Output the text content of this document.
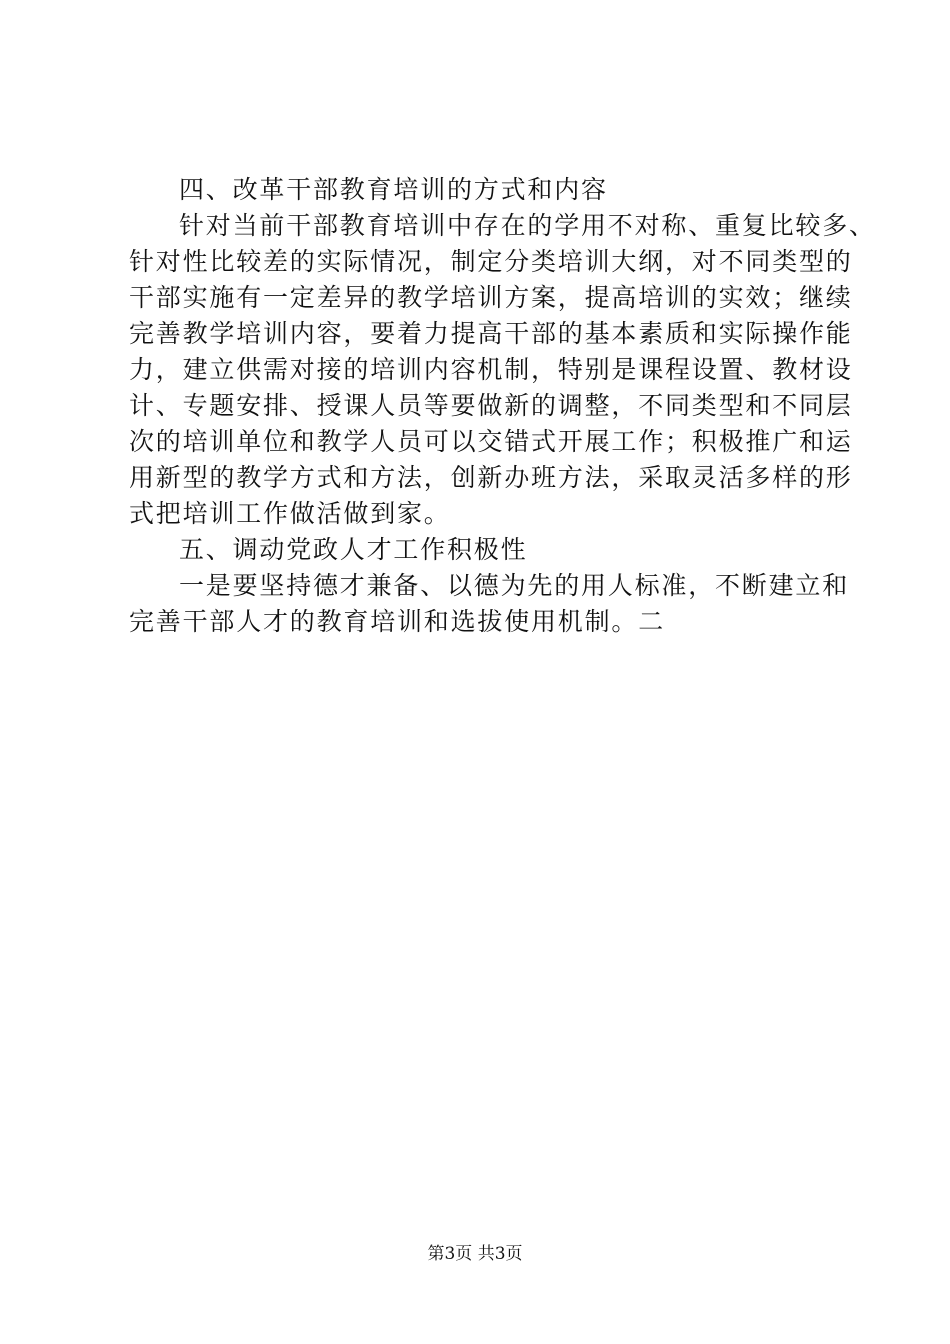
四、改革干部教育培训的方式和内容
针对当前干部教育培训中存在的学用不对称、重复比较多、
针对性比较差的实际情况，制定分类培训大纲，对不同类型的
干部实施有一定差异的教学培训方案，提高培训的实效；继续
完善教学培训内容，要着力提高干部的基本素质和实际操作能
力，建立供需对接的培训内容机制，特别是课程设置、教材设
计、专题安排、授课人员等要做新的调整，不同类型和不同层
次的培训单位和教学人员可以交错式开展工作；积极推广和运
用新型的教学方式和方法，创新办班方法，采取灵活多样的形
式把培训工作做活做到家。
五、调动党政人才工作积极性
一是要坚持德才兼备、以德为先的用人标准，不断建立和
完善干部人才的教育培训和选拔使用机制。二
第3页 共3页
